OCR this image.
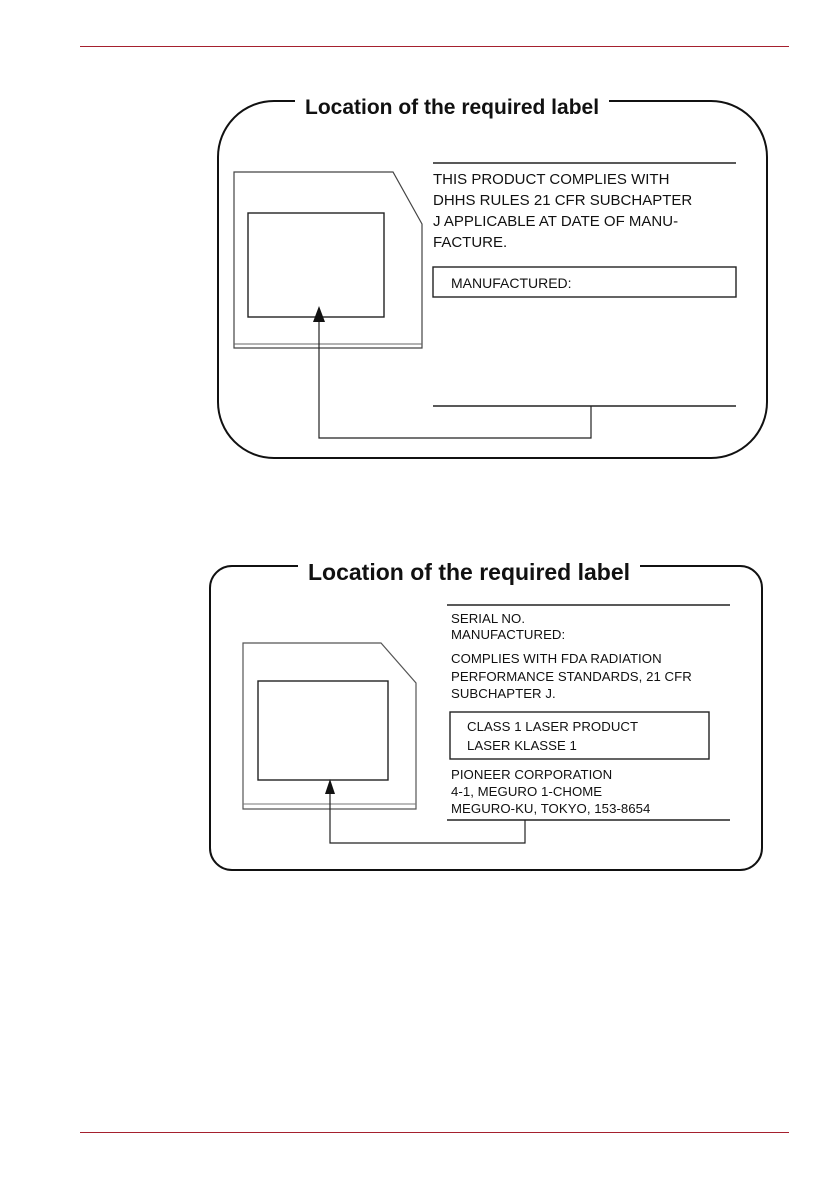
Location of the required label
THIS PRODUCT COMPLIES WITH
DHHS RULES 21 CFR SUBCHAPTER
J APPLICABLE AT DATE OF MANU-
FACTURE.
MANUFACTURED:
Location of the required label
SERIAL NO.
MANUFACTURED:
COMPLIES WITH FDA RADIATION
PERFORMANCE STANDARDS, 21 CFR
SUBCHAPTER J.
CLASS 1 LASER PRODUCT
LASER KLASSE 1
PIONEER CORPORATION
4-1, MEGURO 1-CHOME
MEGURO-KU, TOKYO, 153-8654
